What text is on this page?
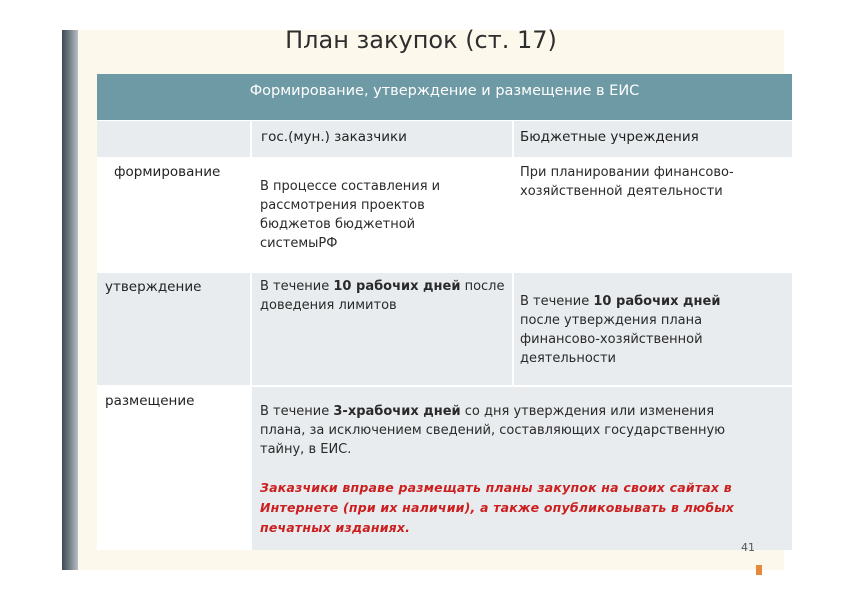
План закупок (ст. 17)
Формирование, утверждение и размещение в ЕИС
гос.(мун.) заказчики	Бюджетные учреждения
В процессе составления и рассмотрения проектов бюджетов бюджетной системыРФ
При планировании финансово-хозяйственной деятельности
формирование
В течение 10 рабочих дней после доведения лимитов	В течение 10 рабочих дней после утверждения плана финансово-хозяйственной деятельности
утверждение
В течение 3-храбочих дней со дня утверждения или изменения плана, за исключением сведений, составляющих государственную тайну, в ЕИС.
размещение
Заказчики вправе размещать планы закупок на своих сайтах в Интернете (при их наличии), а также опубликовывать в любых печатных изданиях.
41
